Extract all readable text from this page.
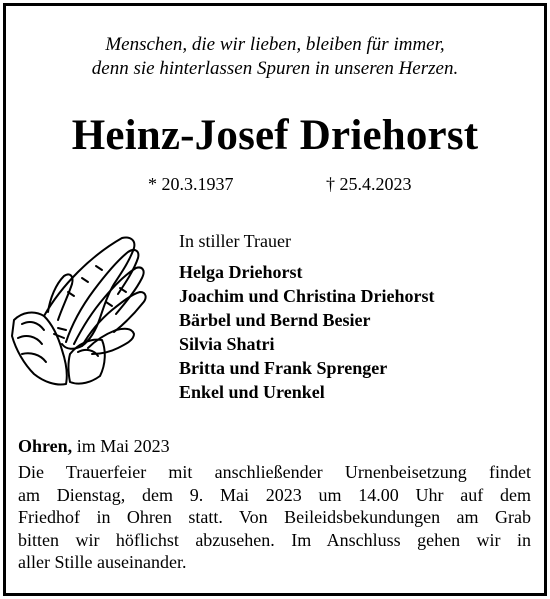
Menschen, die wir lieben, bleiben für immer,
denn sie hinterlassen Spuren in unseren Herzen.
Heinz-Josef Driehorst
* 20.3.1937	† 25.4.2023
In stiller Trauer
Helga Driehorst
Joachim und Christina Driehorst
Bärbel und Bernd Besier
Silvia Shatri
Britta und Frank Sprenger
Enkel und Urenkel
Ohren, im Mai 2023
Die Trauerfeier mit anschließender Urnenbeisetzung findet
am Dienstag, dem 9. Mai 2023 um 14.00 Uhr auf dem
Friedhof in Ohren statt. Von Beileidsbekundungen am Grab
bitten wir höflichst abzusehen. Im Anschluss gehen wir in
aller Stille auseinander.
